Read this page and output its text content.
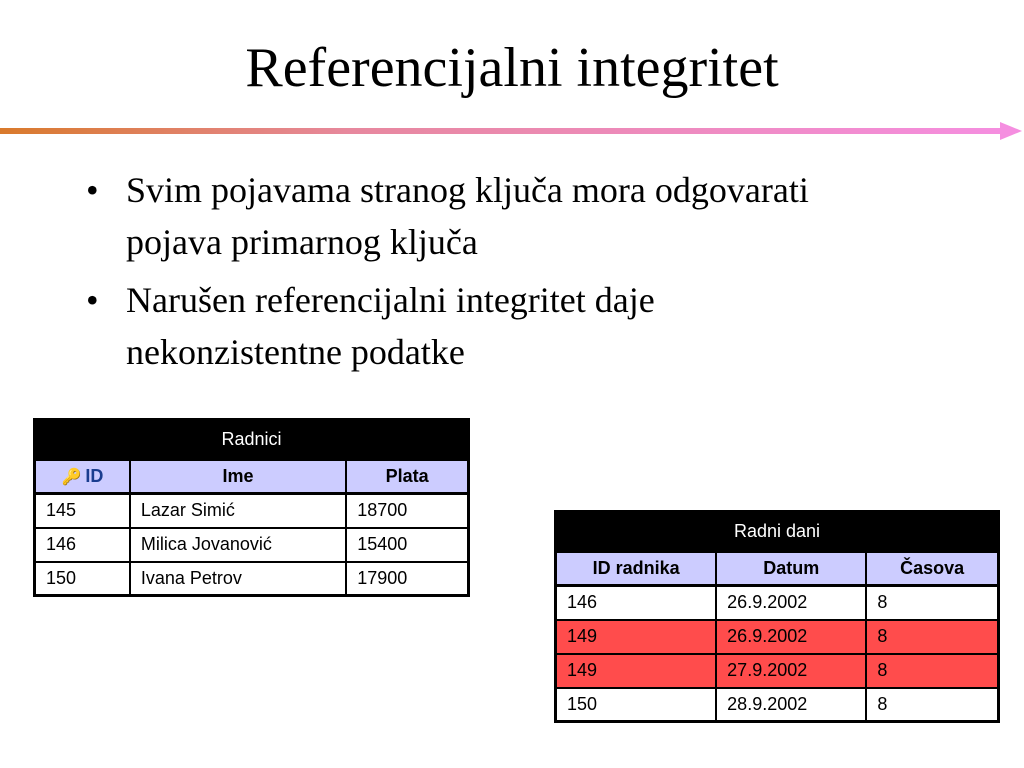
Referencijalni integritet
• Svim pojavama stranog ključa mora odgovarati pojava primarnog ključa
• Narušen referencijalni integritet daje nekonzistentne podatke
Radnici		
🔑 ID	Ime	Plata
145	Lazar Simić	18700
146	Milica Jovanović	15400
150	Ivana Petrov	17900
Radni dani		
ID radnika	Datum	Časova
146	26.9.2002	8
149	26.9.2002	8
149	27.9.2002	8
150	28.9.2002	8
